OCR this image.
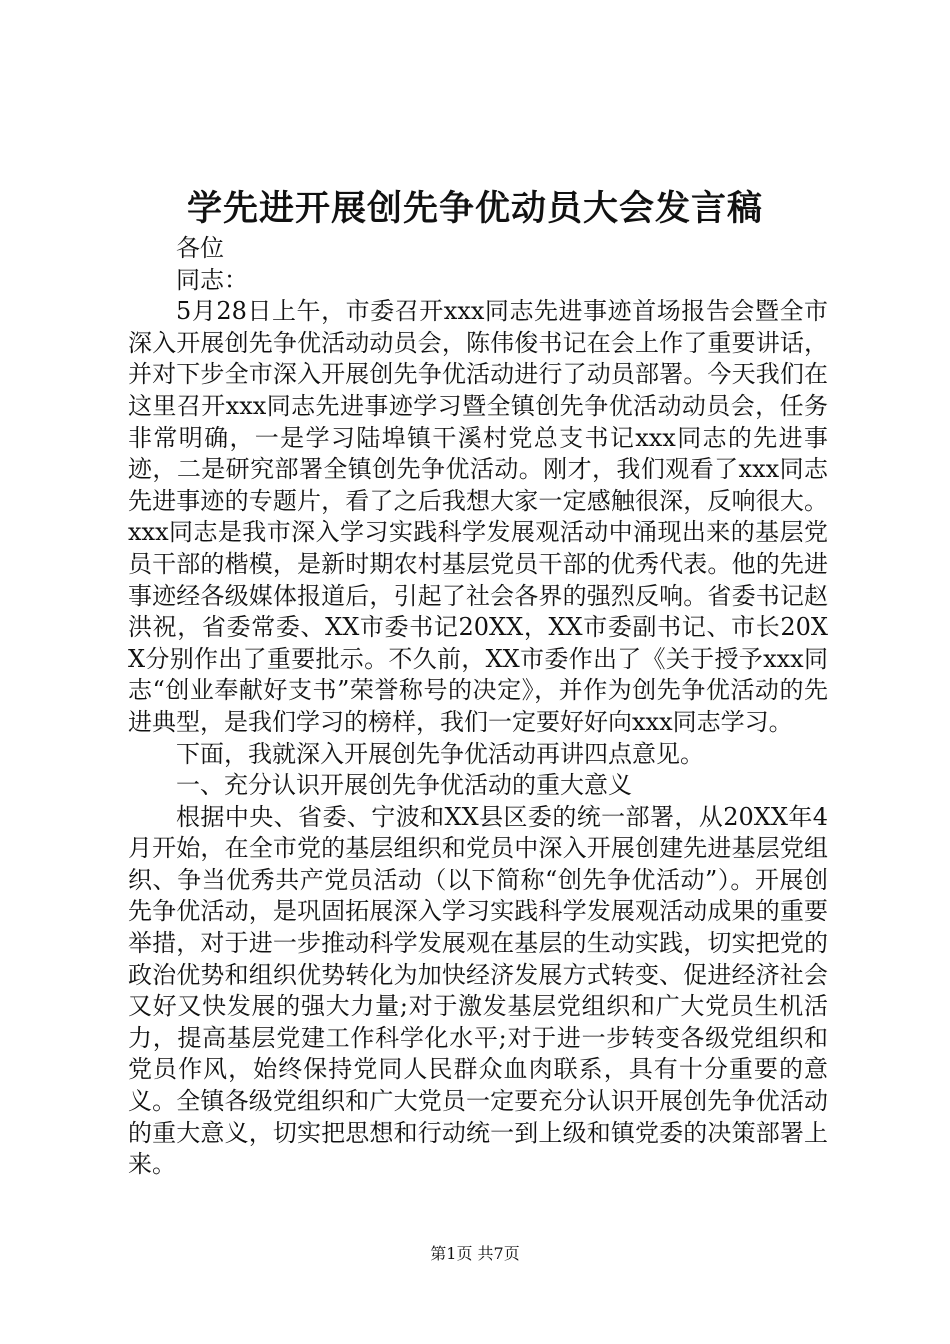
学先进开展创先争优动员大会发言稿

各位

同志：

5月28日上午，市委召开xxx同志先进事迹首场报告会暨全市深入开展创先争优活动动员会，陈伟俊书记在会上作了重要讲话，并对下步全市深入开展创先争优活动进行了动员部署。今天我们在这里召开xxx同志先进事迹学习暨全镇创先争优活动动员会，任务非常明确，一是学习陆埠镇干溪村党总支书记xxx同志的先进事迹，二是研究部署全镇创先争优活动。刚才，我们观看了xxx同志先进事迹的专题片，看了之后我想大家一定感触很深，反响很大。xxx同志是我市深入学习实践科学发展观活动中涌现出来的基层党员干部的楷模，是新时期农村基层党员干部的优秀代表。他的先进事迹经各级媒体报道后，引起了社会各界的强烈反响。省委书记赵洪祝，省委常委、XX市委书记20XX，XX市委副书记、市长20XX分别作出了重要批示。不久前，XX市委作出了《关于授予xxx同志“创业奉献好支书”荣誉称号的决定》，并作为创先争优活动的先进典型，是我们学习的榜样，我们一定要好好向xxx同志学习。

下面，我就深入开展创先争优活动再讲四点意见。

一、充分认识开展创先争优活动的重大意义

根据中央、省委、宁波和XX县区委的统一部署，从20XX年4月开始，在全市党的基层组织和党员中深入开展创建先进基层党组织、争当优秀共产党员活动（以下简称“创先争优活动”）。开展创先争优活动，是巩固拓展深入学习实践科学发展观活动成果的重要举措，对于进一步推动科学发展观在基层的生动实践，切实把党的政治优势和组织优势转化为加快经济发展方式转变、促进经济社会又好又快发展的强大力量;对于激发基层党组织和广大党员生机活力，提高基层党建工作科学化水平;对于进一步转变各级党组织和党员作风，始终保持党同人民群众血肉联系，具有十分重要的意义。全镇各级党组织和广大党员一定要充分认识开展创先争优活动的重大意义，切实把思想和行动统一到上级和镇党委的决策部署上来。

第1页 共7页
